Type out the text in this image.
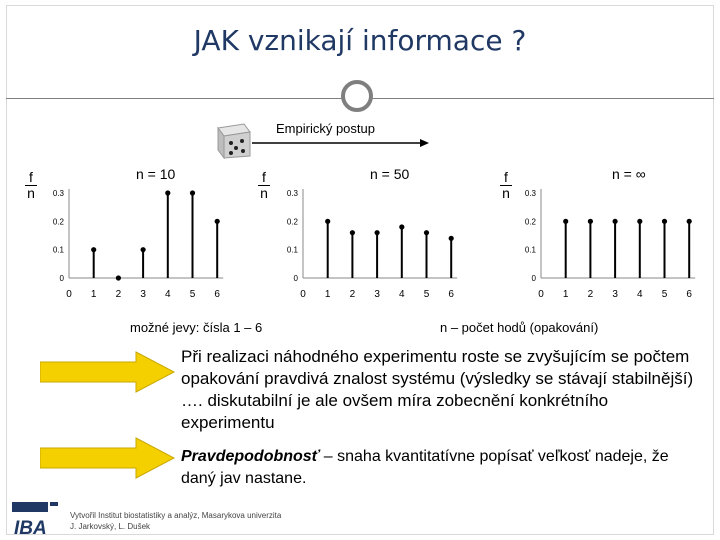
JAK vznikají informace ?
Empirický postup
f
n
f
n
f
n
n = 10	n = 50	n = ∞
0.3
0.2
0.1
0
0 1 2 3 4 5 6
0.3
0.2
0.1
0
0 1 2 3 4 5 6
0.3
0.2
0.1
0
0 1 2 3 4 5 6
možné jevy: čísla 1 – 6	n – počet hodů (opakování)
Při realizaci náhodného experimentu roste se zvyšujícím se počtem opakování pravdivá znalost systému (výsledky se stávají stabilnější) …. diskutabilní je ale ovšem míra zobecnění konkrétního experimentu
Pravdepodobnosť – snaha kvantitatívne popísať veľkosť nadeje, že daný jav nastane.
IBA
Vytvořil Institut biostatistiky a analýz, Masarykova univerzita
J. Jarkovský, L. Dušek
